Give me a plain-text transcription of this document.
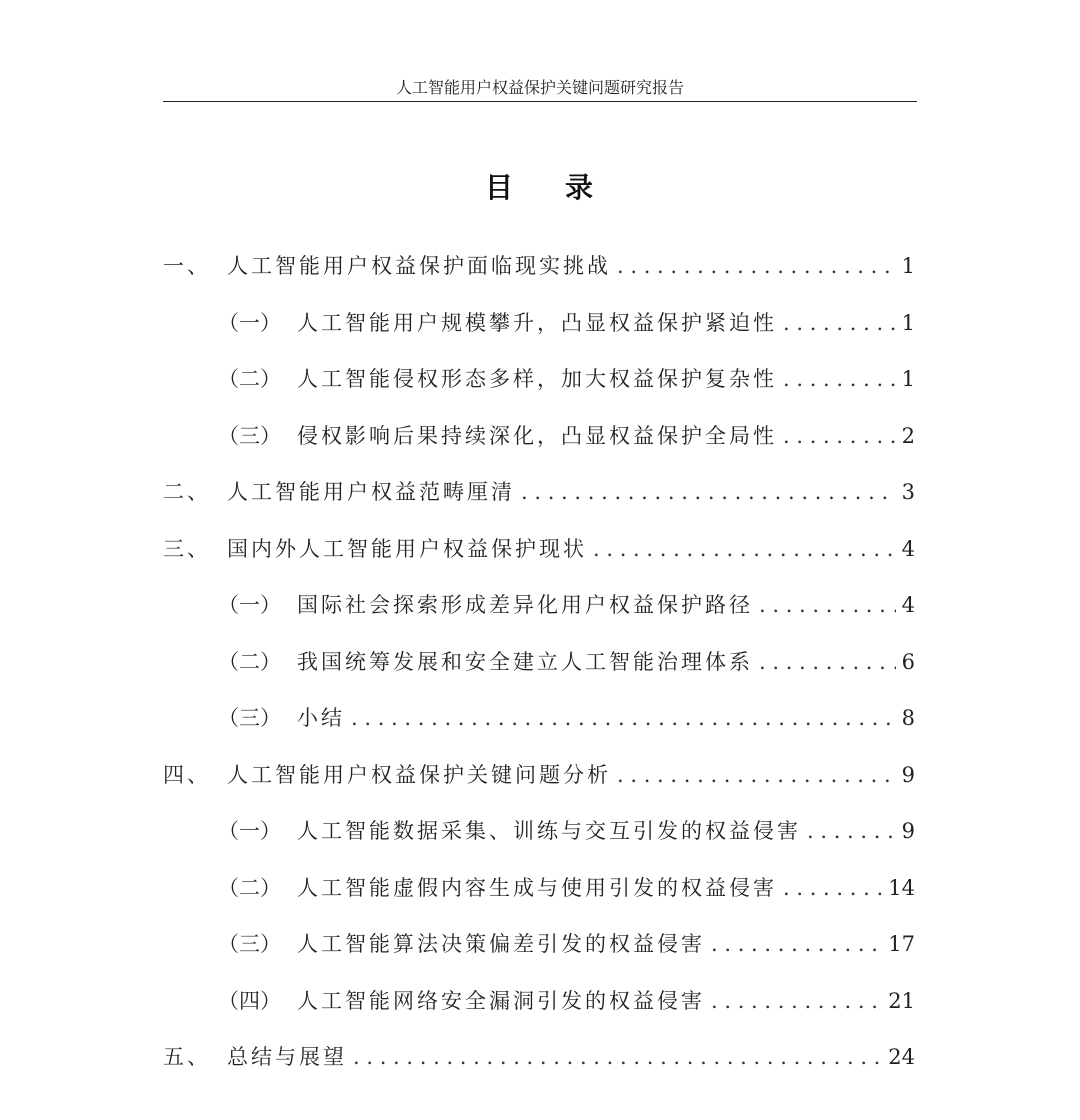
人工智能用户权益保护关键问题研究报告
目 录
一、 人工智能用户权益保护面临现实挑战 . . .	1
（一） 人工智能用户规模攀升，凸显权益保护紧迫性 . . .	1
（二） 人工智能侵权形态多样，加大权益保护复杂性 . . .	1
（三） 侵权影响后果持续深化，凸显权益保护全局性 . . .	2
二、 人工智能用户权益范畴厘清 . . .	3
三、 国内外人工智能用户权益保护现状 . . .	4
（一） 国际社会探索形成差异化用户权益保护路径 . . .	4
（二） 我国统筹发展和安全建立人工智能治理体系 . . .	6
（三） 小结 . . .	8
四、 人工智能用户权益保护关键问题分析 . . .	9
（一） 人工智能数据采集、训练与交互引发的权益侵害 . . .	9
（二） 人工智能虚假内容生成与使用引发的权益侵害 . . .	14
（三） 人工智能算法决策偏差引发的权益侵害 . . .	17
（四） 人工智能网络安全漏洞引发的权益侵害 . . .	21
五、 总结与展望 . . .	24
